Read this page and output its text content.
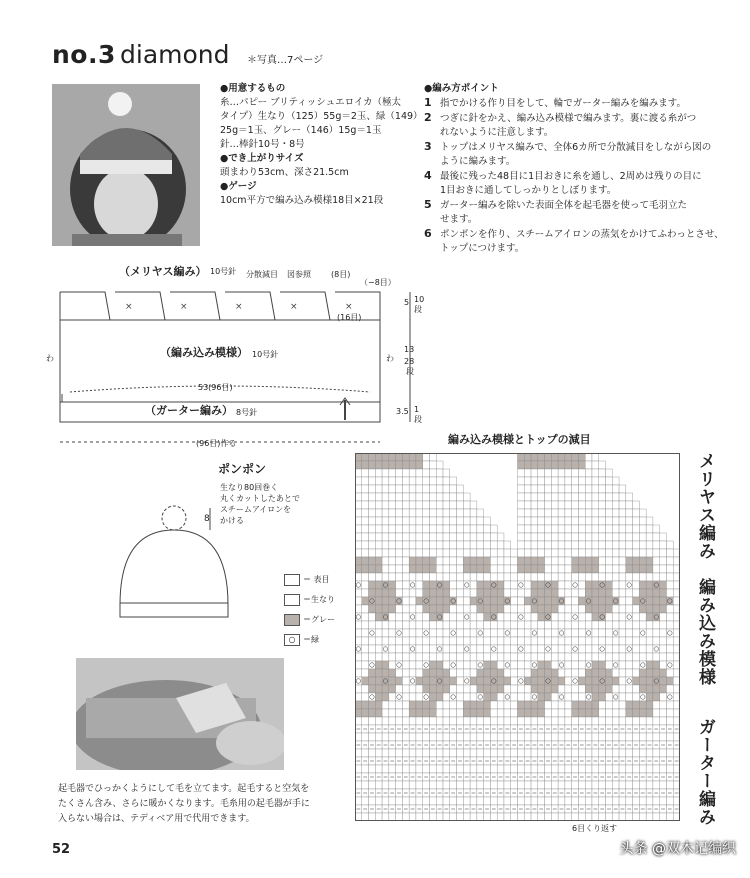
no.3 diamond ＊写真…7ページ
●用意するもの
糸…パピー ブリティッシュエロイカ（極太
タイプ）生なり（125）55g＝2玉、緑（149）
25g＝1玉、グレー（146）15g＝1玉
針…棒針10号・8号
●でき上がりサイズ
頭まわり53cm、深さ21.5cm
●ゲージ
10cm平方で編み込み模様18目×21段
●編み方ポイント
1 指でかける作り目をして、輪でガーター編みを編みます。
2 つぎに針をかえ、編み込み模様で編みます。裏に渡る糸がつ
れないように注意します。
3 トップはメリヤス編みで、全体6カ所で分散減目をしながら図の
ように編みます。
4 最後に残った48目に1目おきに糸を通し、2周めは残りの目に
1目おきに通してしっかりとしぼります。
5 ガーター編みを除いた表面全体を起毛器を使って毛羽立た
せます。
6 ポンポンを作り、スチームアイロンの蒸気をかけてふわっとさせ、
トップにつけます。
×	×	×	×	×
（メリヤス編み） 10号針 分散減目 図参照	(8目)
（−8目）
5 10
段
(16目)
（編み込み模様） 10号針
13
28
段
わ	わ
53(96目)
（ガーター編み） 8号針	3.5 1
段
(96目)作る
ポンポン
生なり80回巻く
丸くカットしたあとで
スチームアイロンを
かける
8
＝ 表目
＝生なり
＝グレー
○ ＝緑
編み込み模様とトップの減目
6目くり返す
メリヤス編み
編み込み模様
ガーター編み
起毛器でひっかくようにして毛を立てます。起毛すると空気を
たくさん含み、さらに暖かくなります。毛糸用の起毛器が手に
入らない場合は、テディベア用で代用できます。
52	头条 @双木记编织
